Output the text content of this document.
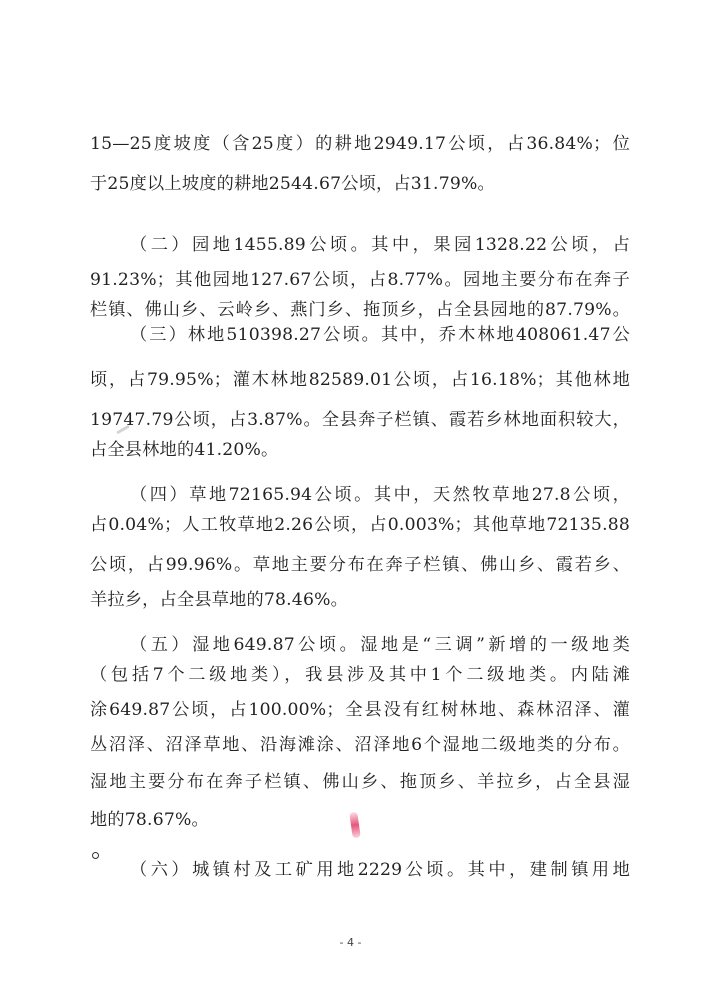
15—25度坡度（含25度）的耕地2949.17公顷，占36.84%；位
于25度以上坡度的耕地2544.67公顷，占31.79%。
（二）园地1455.89公顷。其中，果园1328.22公顷，占
91.23%；其他园地127.67公顷，占8.77%。园地主要分布在奔子
栏镇、佛山乡、云岭乡、燕门乡、拖顶乡，占全县园地的87.79%。
（三）林地510398.27公顷。其中，乔木林地408061.47公
顷，占79.95%；灌木林地82589.01公顷，占16.18%；其他林地
19747.79公顷，占3.87%。全县奔子栏镇、霞若乡林地面积较大，
占全县林地的41.20%。
（四）草地72165.94公顷。其中，天然牧草地27.8公顷，
占0.04%；人工牧草地2.26公顷，占0.003%；其他草地72135.88
公顷，占99.96%。草地主要分布在奔子栏镇、佛山乡、霞若乡、
羊拉乡，占全县草地的78.46%。
（五）湿地649.87公顷。湿地是“三调”新增的一级地类
（包括7个二级地类），我县涉及其中1个二级地类。内陆滩
涂649.87公顷，占100.00%；全县没有红树林地、森林沼泽、灌
丛沼泽、沼泽草地、沿海滩涂、沼泽地6个湿地二级地类的分布。
湿地主要分布在奔子栏镇、佛山乡、拖顶乡、羊拉乡，占全县湿
地的78.67%。
（六）城镇村及工矿用地2229公顷。其中，建制镇用地
- 4 -
